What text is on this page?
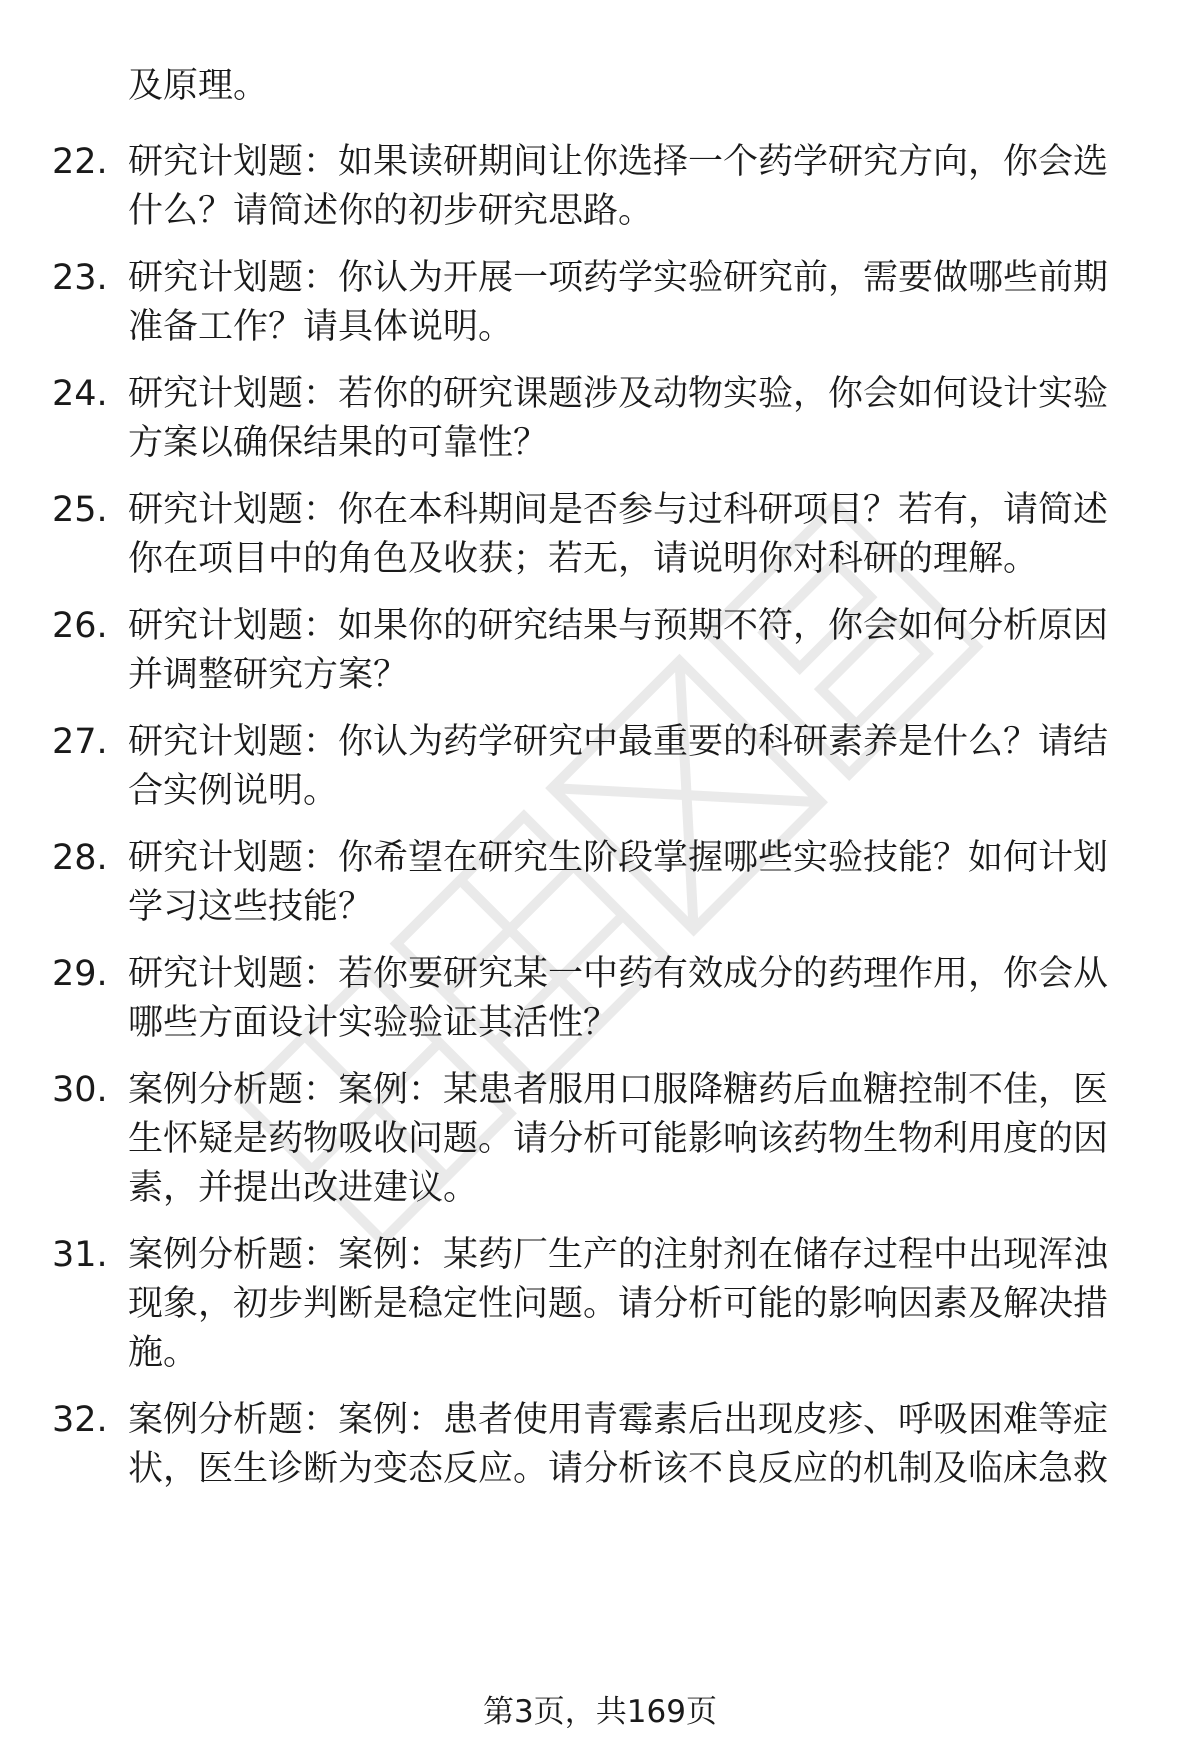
及原理。
22. 研究计划题：如果读研期间让你选择一个药学研究方向，你会选
什么？请简述你的初步研究思路。
23. 研究计划题：你认为开展一项药学实验研究前，需要做哪些前期
准备工作？请具体说明。
24. 研究计划题：若你的研究课题涉及动物实验，你会如何设计实验
方案以确保结果的可靠性？
25. 研究计划题：你在本科期间是否参与过科研项目？若有，请简述
你在项目中的角色及收获；若无，请说明你对科研的理解。
26. 研究计划题：如果你的研究结果与预期不符，你会如何分析原因
并调整研究方案？
27. 研究计划题：你认为药学研究中最重要的科研素养是什么？请结
合实例说明。
28. 研究计划题：你希望在研究生阶段掌握哪些实验技能？如何计划
学习这些技能？
29. 研究计划题：若你要研究某一中药有效成分的药理作用，你会从
哪些方面设计实验验证其活性？
30. 案例分析题：案例：某患者服用口服降糖药后血糖控制不佳，医
生怀疑是药物吸收问题。请分析可能影响该药物生物利用度的因
素，并提出改进建议。
31. 案例分析题：案例：某药厂生产的注射剂在储存过程中出现浑浊
现象，初步判断是稳定性问题。请分析可能的影响因素及解决措
施。
32. 案例分析题：案例：患者使用青霉素后出现皮疹、呼吸困难等症
状，医生诊断为变态反应。请分析该不良反应的机制及临床急救
第3页，共169页
